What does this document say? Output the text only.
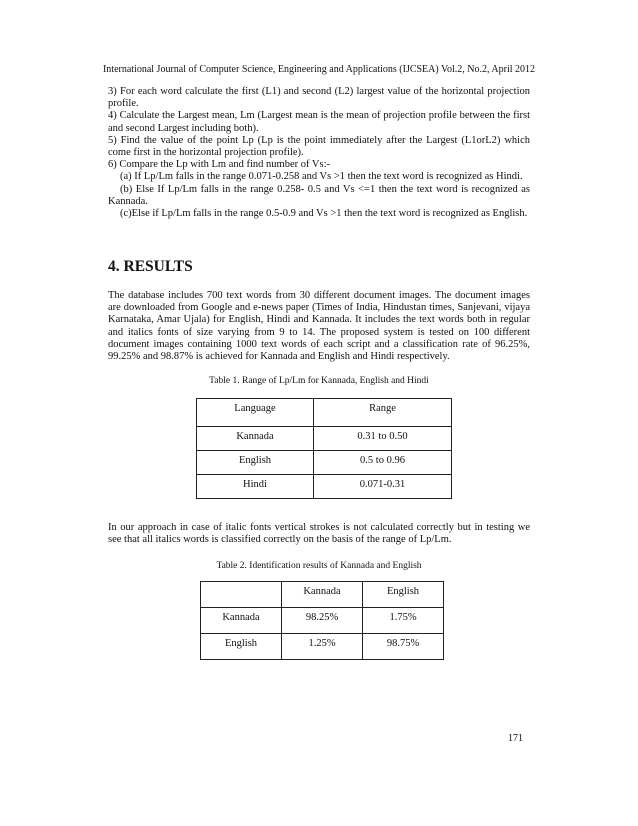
International Journal of Computer Science, Engineering and Applications (IJCSEA) Vol.2, No.2, April 2012

3) For each word calculate the first (L1) and second (L2) largest value of the horizontal projection profile.

4) Calculate the Largest mean, Lm (Largest mean is the mean of projection profile between the first and second Largest including both).

5) Find the value of the point Lp (Lp is the point immediately after the Largest (L1orL2) which come first in the horizontal projection profile).

6) Compare the Lp with Lm and find number of Vs:-

(a) If Lp/Lm falls in the range 0.071-0.258 and Vs >1 then the text word is recognized as Hindi.

(b) Else If Lp/Lm falls in the range 0.258- 0.5 and Vs <=1 then the text word is recognized as Kannada.

(c)Else if Lp/Lm falls in the range 0.5-0.9 and Vs >1 then the text word is recognized as English.

4. RESULTS

The database includes 700 text words from 30 different document images. The document images are downloaded from Google and e-news paper (Times of India, Hindustan times, Sanjevani, vijaya Karnataka, Amar Ujala) for English, Hindi and Kannada. It includes the text words both in regular and italics fonts of size varying from 9 to 14. The proposed system is tested on 100 different document images containing 1000 text words of each script and a classification rate of 96.25%, 99.25% and 98.87% is achieved for Kannada and English and Hindi respectively.

Table 1. Range of Lp/Lm for Kannada, English and Hindi
Language	Range
Kannada	0.31 to 0.50
English	0.5 to 0.96
Hindi	0.071-0.31

In our approach in case of italic fonts vertical strokes is not calculated correctly but in testing we see that all italics words is classified correctly on the basis of the range of Lp/Lm.

Table 2. Identification results of Kannada and English
	Kannada	English
Kannada	98.25%	1.75%
English	1.25%	98.75%
171
